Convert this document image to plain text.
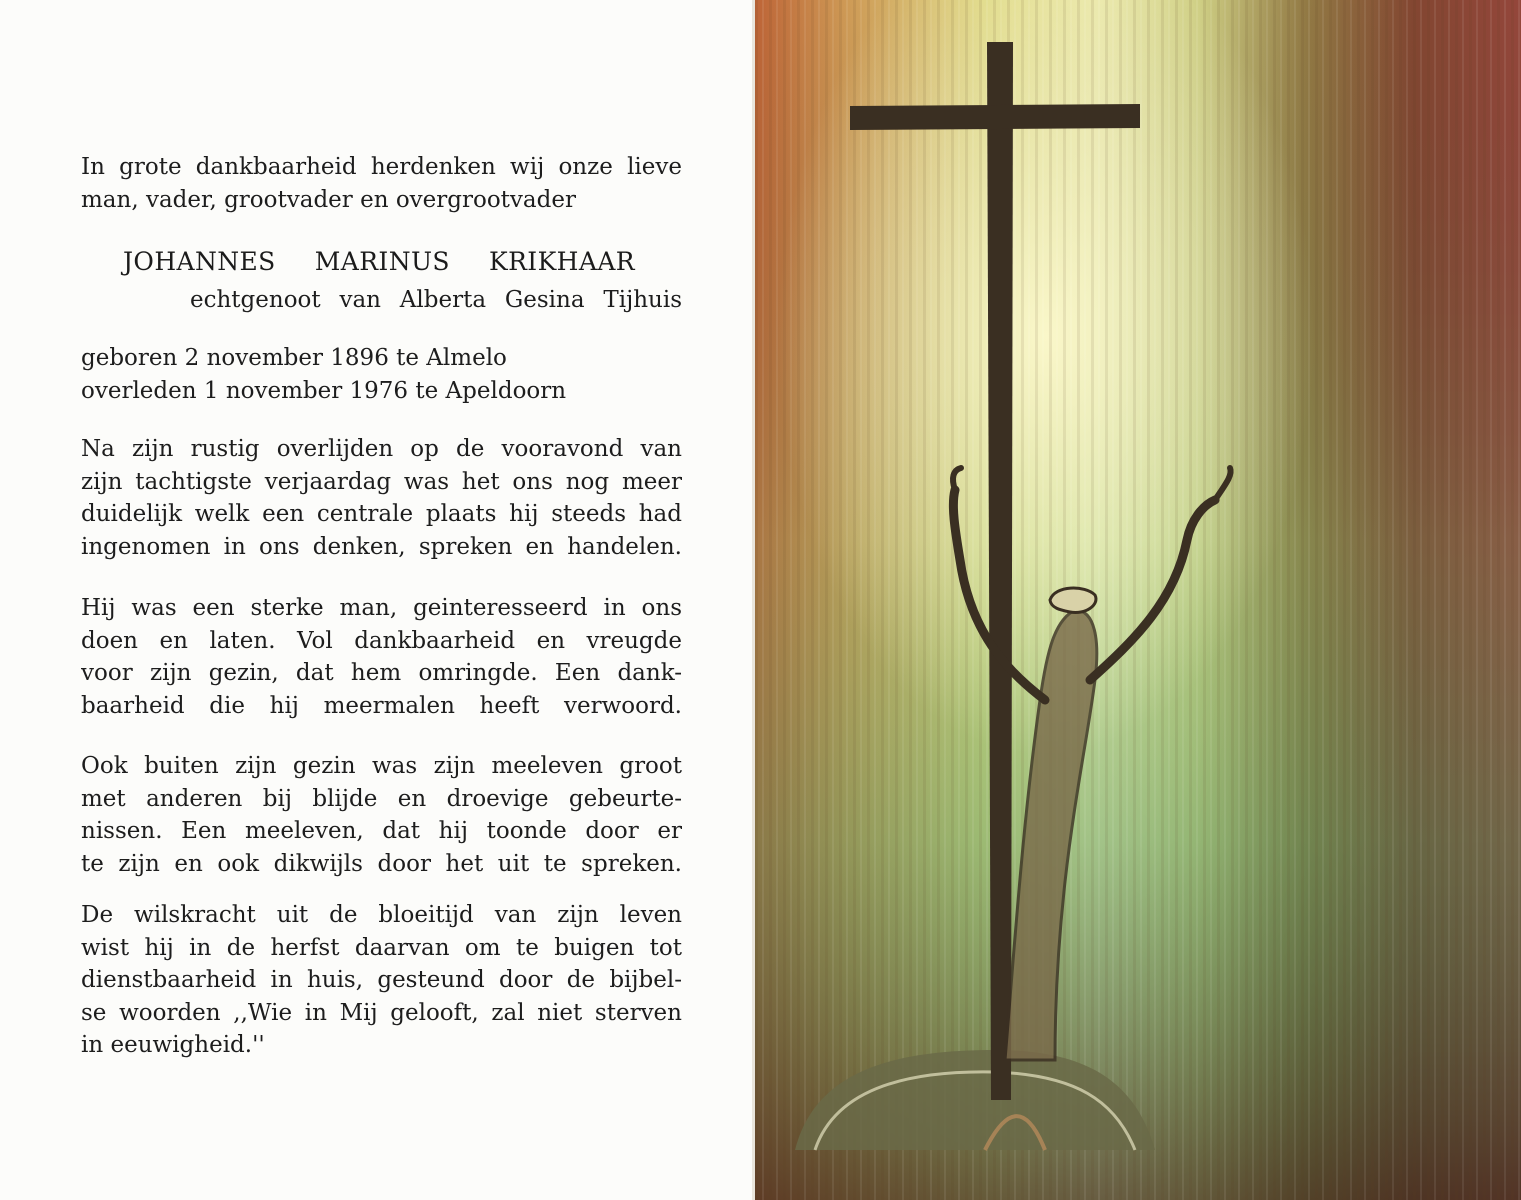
In grote dankbaarheid herdenken wij onze lieve
man, vader, grootvader en overgrootvader
JOHANNES MARINUS KRIKHAAR
echtgenoot van Alberta Gesina Tijhuis
geboren 2 november 1896 te Almelo
overleden 1 november 1976 te Apeldoorn
Na zijn rustig overlijden op de vooravond van
zijn tachtigste verjaardag was het ons nog meer
duidelijk welk een centrale plaats hij steeds had
ingenomen in ons denken, spreken en handelen.
Hij was een sterke man, geinteresseerd in ons
doen en laten. Vol dankbaarheid en vreugde
voor zijn gezin, dat hem omringde. Een dank-
baarheid die hij meermalen heeft verwoord.
Ook buiten zijn gezin was zijn meeleven groot
met anderen bij blijde en droevige gebeurte-
nissen. Een meeleven, dat hij toonde door er
te zijn en ook dikwijls door het uit te spreken.
De wilskracht uit de bloeitijd van zijn leven
wist hij in de herfst daarvan om te buigen tot
dienstbaarheid in huis, gesteund door de bijbel-
se woorden ,,Wie in Mij gelooft, zal niet sterven
in eeuwigheid.''
